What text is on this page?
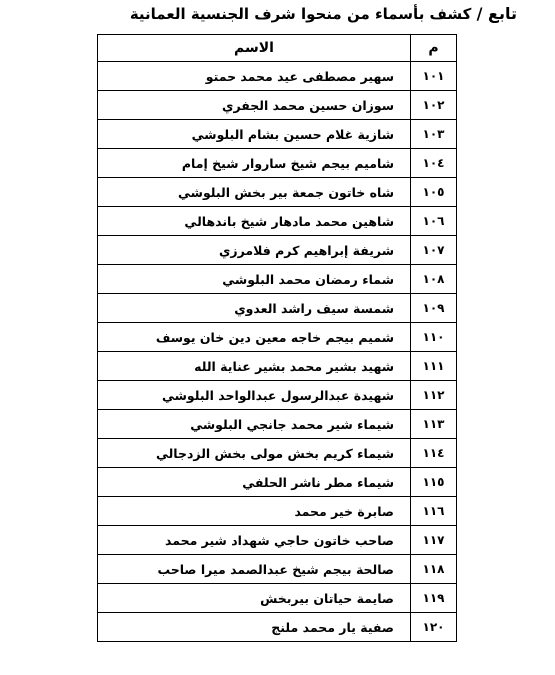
تابع / كشف بأسماء من منحوا شرف الجنسية العمانية
م	الاسم
١٠١	سهير مصطفى عيد محمد حمتو
١٠٢	سوزان حسين محمد الجفري
١٠٣	شازية غلام حسين بشام البلوشي
١٠٤	شاميم بيجم شيخ ساروار شيخ إمام
١٠٥	شاه خاتون جمعة بير بخش البلوشي
١٠٦	شاهين محمد مادهار شيخ باندهالي
١٠٧	شريفة إبراهيم كرم فلامرزي
١٠٨	شماء رمضان محمد البلوشي
١٠٩	شمسة سيف راشد العدوي
١١٠	شميم بيجم خاجه معين دين خان يوسف
١١١	شهيد بشير محمد بشير عناية الله
١١٢	شهيدة عبدالرسول عبدالواحد البلوشي
١١٣	شيماء شير محمد جانجي البلوشي
١١٤	شيماء كريم بخش مولى بخش الزدجالي
١١٥	شيماء مطر ناشر الحلفي
١١٦	صابرة خير محمد
١١٧	صاحب خاتون حاجي شهداد شير محمد
١١٨	صالحة بيجم شيخ عبدالصمد ميرا صاحب
١١٩	صايمة حياتان بيربخش
١٢٠	صفية يار محمد ملنج
